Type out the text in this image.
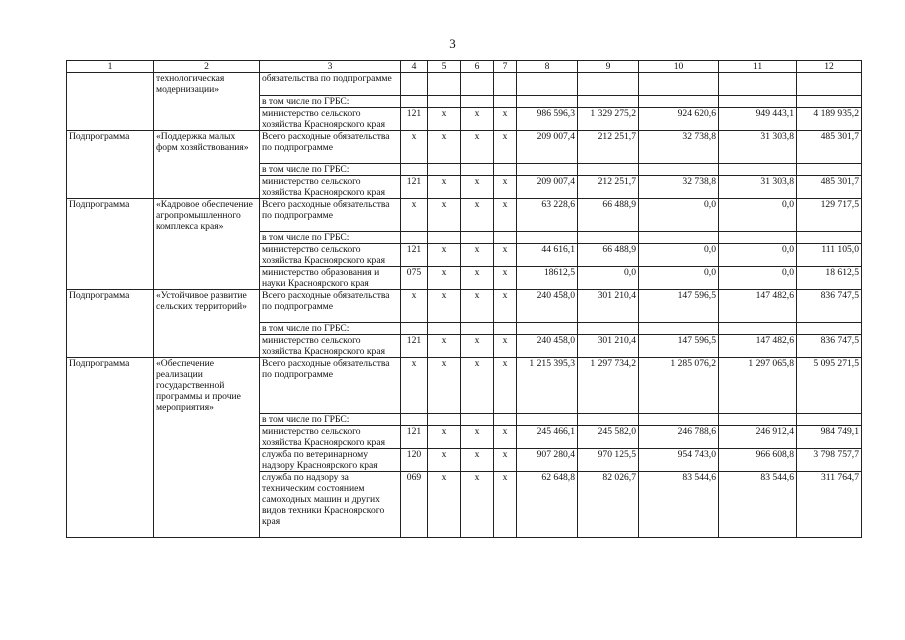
3
1	2	3	4	5	6	7	8	9	10	11	12
	технологическая модернизации»	обязательства по подпрограмме									
		в том числе по ГРБС:									
		министерство сельского хозяйства Красноярского края	121	х	х	х	986 596,3	1 329 275,2	924 620,6	949 443,1	4 189 935,2
Подпрограмма	«Поддержка малых форм хозяйствования»	Всего расходные обязательства по подпрограмме	х	х	х	х	209 007,4	212 251,7	32 738,8	31 303,8	485 301,7
		в том числе по ГРБС:									
		министерство сельского хозяйства Красноярского края	121	х	х	х	209 007,4	212 251,7	32 738,8	31 303,8	485 301,7
Подпрограмма	«Кадровое обеспечение агропромышленного комплекса края»	Всего расходные обязательства по подпрограмме	х	х	х	х	63 228,6	66 488,9	0,0	0,0	129 717,5
		в том числе по ГРБС:									
		министерство сельского хозяйства Красноярского края	121	х	х	х	44 616,1	66 488,9	0,0	0,0	111 105,0
		министерство образования и науки Красноярского края	075	х	х	х	18612,5	0,0	0,0	0,0	18 612,5
Подпрограмма	«Устойчивое развитие сельских территорий»	Всего расходные обязательства по подпрограмме	х	х	х	х	240 458,0	301 210,4	147 596,5	147 482,6	836 747,5
		в том числе по ГРБС:									
		министерство сельского хозяйства Красноярского края	121	х	х	х	240 458,0	301 210,4	147 596,5	147 482,6	836 747,5
Подпрограмма	«Обеспечение реализации государственной программы и прочие мероприятия»	Всего расходные обязательства по подпрограмме	х	х	х	х	1 215 395,3	1 297 734,2	1 285 076,2	1 297 065,8	5 095 271,5
		в том числе по ГРБС:									
		министерство сельского хозяйства Красноярского края	121	х	х	х	245 466,1	245 582,0	246 788,6	246 912,4	984 749,1
		служба по ветеринарному надзору Красноярского края	120	х	х	х	907 280,4	970 125,5	954 743,0	966 608,8	3 798 757,7
		служба по надзору за техническим состоянием самоходных машин и других видов техники Красноярского края	069	х	х	х	62 648,8	82 026,7	83 544,6	83 544,6	311 764,7
